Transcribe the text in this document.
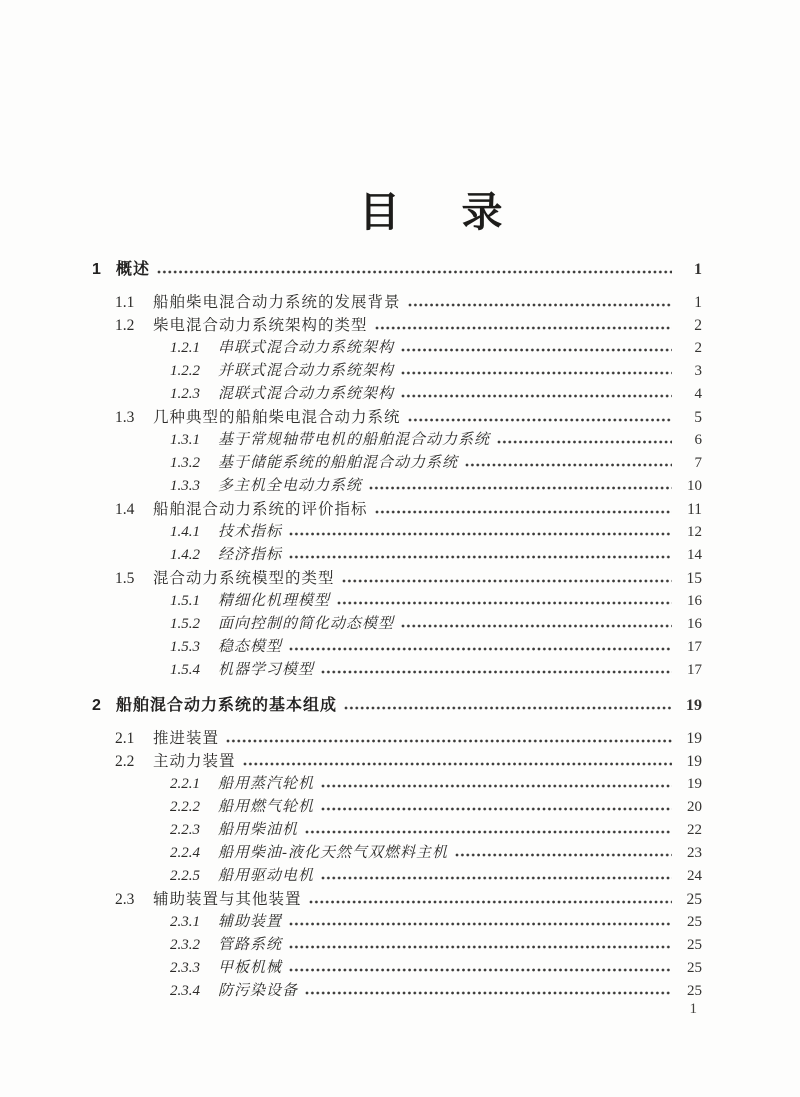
目录
1 概述	1
1.1	船舶柴电混合动力系统的发展背景	1
1.2	柴电混合动力系统架构的类型	2
1.2.1	串联式混合动力系统架构	2
1.2.2	并联式混合动力系统架构	3
1.2.3	混联式混合动力系统架构	4
1.3	几种典型的船舶柴电混合动力系统	5
1.3.1	基于常规轴带电机的船舶混合动力系统	6
1.3.2	基于储能系统的船舶混合动力系统	7
1.3.3	多主机全电动力系统	10
1.4	船舶混合动力系统的评价指标	11
1.4.1	技术指标	12
1.4.2	经济指标	14
1.5	混合动力系统模型的类型	15
1.5.1	精细化机理模型	16
1.5.2	面向控制的简化动态模型	16
1.5.3	稳态模型	17
1.5.4	机器学习模型	17
2 船舶混合动力系统的基本组成	19
2.1	推进装置	19
2.2	主动力装置	19
2.2.1	船用蒸汽轮机	19
2.2.2	船用燃气轮机	20
2.2.3	船用柴油机	22
2.2.4	船用柴油-液化天然气双燃料主机	23
2.2.5	船用驱动电机	24
2.3	辅助装置与其他装置	25
2.3.1	辅助装置	25
2.3.2	管路系统	25
2.3.3	甲板机械	25
2.3.4	防污染设备	25
1
